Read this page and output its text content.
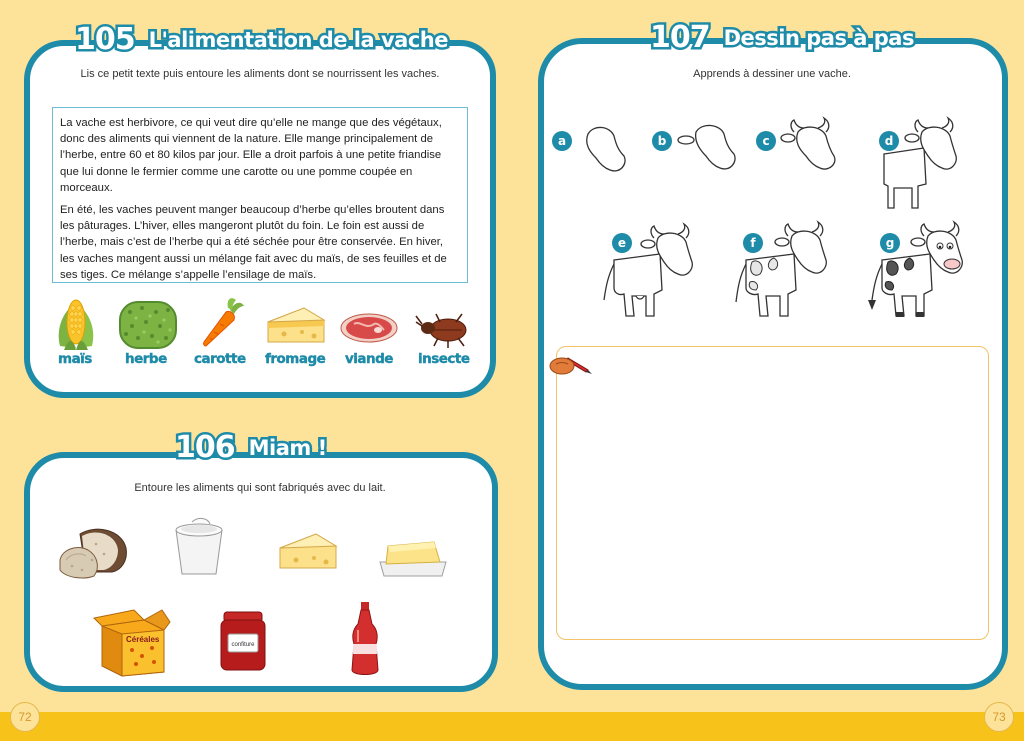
72	73
105 L'alimentation de la vache
Lis ce petit texte puis entoure les aliments dont se nourrissent les vaches.

La vache est herbivore, ce qui veut dire qu’elle ne mange que des végétaux, donc des aliments qui viennent de la nature. Elle mange principalement de l’herbe, entre 60 et 80 kilos par jour. Elle a droit parfois à une petite friandise que lui donne le fermier comme une carotte ou une pomme coupée en morceaux.

En été, les vaches peuvent manger beaucoup d’herbe qu’elles broutent dans les pâturages. L’hiver, elles mangeront plutôt du foin. Le foin est aussi de l’herbe, mais c’est de l’herbe qui a été séchée pour être conservée. En hiver, les vaches mangent aussi un mélange fait avec du maïs, de ses feuilles et de ses tiges. Ce mélange s’appelle l’ensilage de maïs.

maïs herbe carotte fromage viande insecte
106 Miam !
Entoure les aliments qui sont fabriqués avec du lait.
Céréales
confiture
107 Dessin pas à pas
Apprends à dessiner une vache.
a	b	c	d
e	f	g
